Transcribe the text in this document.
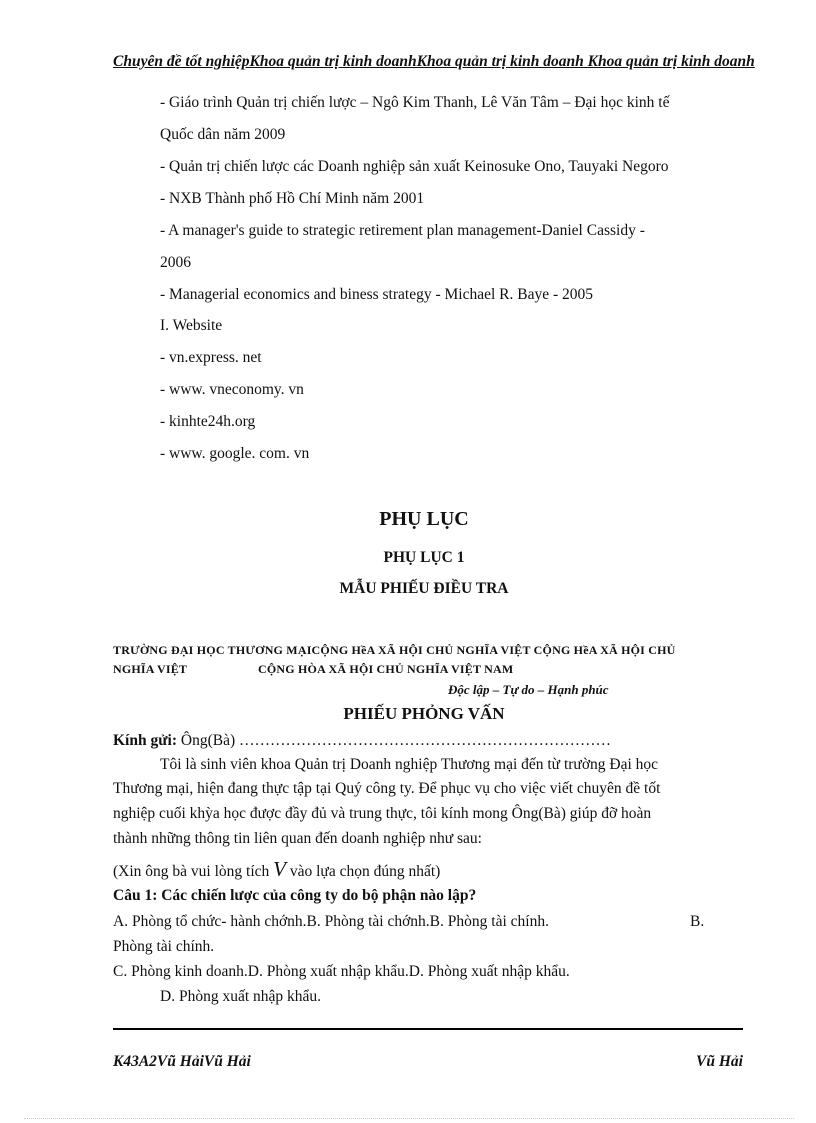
Chuyên đề tốt nghiệpKhoa quản trị kinh doanhKhoa quản trị kinh doanh Khoa quản trị kinh doanh
- Giáo trình Quản trị chiến lược – Ngô Kim Thanh, Lê Văn Tâm – Đại học kinh tế
Quốc dân năm 2009
- Quản trị chiến lược các Doanh nghiệp sản xuất Keinosuke Ono, Tauyaki Negoro
- NXB Thành phố Hồ Chí Minh năm 2001
- A manager's guide to strategic retirement plan management-Daniel Cassidy -
2006
- Managerial economics and biness strategy - Michael R. Baye - 2005
I. Website
- vn.express. net
- www. vneconomy. vn
- kinhte24h.org
- www. google. com. vn
PHỤ LỤC
PHỤ LỤC 1
MẪU PHIẾU ĐIỀU TRA
TRƯỜNG ĐẠI HỌC THƯƠNG MẠICỘNG HềA XÃ HỘI CHỦ NGHĨA VIỆT CỘNG HềA XÃ HỘI CHỦ
NGHĨA VIỆT	CỘNG HÒA XÃ HỘI CHỦ NGHĨA VIỆT NAM
Độc lập – Tự do – Hạnh phúc
PHIẾU PHỎNG VẤN
Kính gửi: Ông(Bà) ………………………………………………………………
Tôi là sinh viên khoa Quản trị Doanh nghiệp Thương mại đến từ trường Đại học
Thương mại, hiện đang thực tập tại Quý công ty. Để phục vụ cho việc viết chuyên đề tốt
nghiệp cuối khỳa học được đầy đủ và trung thực, tôi kính mong Ông(Bà) giúp đỡ hoàn
thành những thông tin liên quan đến doanh nghiệp như sau:
(Xin ông bà vui lòng tích V vào lựa chọn đúng nhất)
Câu 1: Các chiến lược của công ty do bộ phận nào lập?
A. Phòng tổ chức- hành chớnh.B. Phòng tài chớnh.B. Phòng tài chính.	B.
Phòng tài chính.
C. Phòng kinh doanh.D. Phòng xuất nhập khẩu.D. Phòng xuất nhập khẩu.
D. Phòng xuất nhập khẩu.
K43A2Vũ HảiVũ Hải	Vũ Hải
